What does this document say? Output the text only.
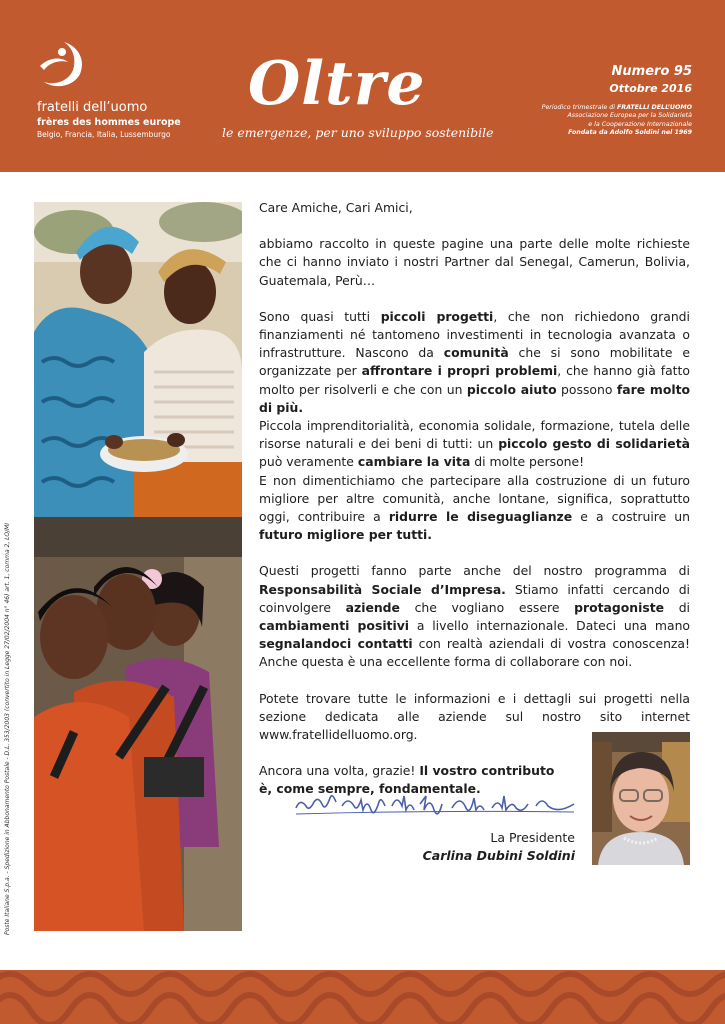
fratelli dell’uomo
frères des hommes europe
Belgio, Francia, Italia, Lussemburgo
Oltre
le emergenze, per uno sviluppo sostenibile
Numero 95
Ottobre 2016
Periodico trimestrale di FRATELLI DELL’UOMO
Associazione Europea per la Solidarietà
e la Cooperazione Internazionale
Fondata da Adolfo Soldini nel 1969
Poste Italiane S.p.a. - Spedizione in Abbonamento Postale - D.L. 353/2003 (convertito in Legge 27/02/2004 n° 46) art. 1, comma 2, LO/MI

Care Amiche, Cari Amici,

abbiamo raccolto in queste pagine una parte delle molte richieste che ci hanno inviato i nostri Partner dal Senegal, Camerun, Bolivia, Guatemala, Perù…

Sono quasi tutti piccoli progetti, che non richiedono grandi finanziamenti né tantomeno investimenti in tecnologia avanzata o infrastrutture. Nascono da comunità che si sono mobilitate e organizzate per affrontare i propri problemi, che hanno già fatto molto per risolverli e che con un piccolo aiuto possono fare molto di più.

Piccola imprenditorialità, economia solidale, formazione, tutela delle risorse naturali e dei beni di tutti: un piccolo gesto di solidarietà può veramente cambiare la vita di molte persone!

E non dimentichiamo che partecipare alla costruzione di un futuro migliore per altre comunità, anche lontane, significa, soprattutto oggi, contribuire a ridurre le diseguaglianze e a costruire un futuro migliore per tutti.

Questi progetti fanno parte anche del nostro programma di Responsabilità Sociale d’Impresa. Stiamo infatti cercando di coinvolgere aziende che vogliano essere protagoniste di cambiamenti positivi a livello internazionale. Dateci una mano segnalandoci contatti con realtà aziendali di vostra conoscenza! Anche questa è una eccellente forma di collaborare con noi.

Potete trovare tutte le informazioni e i dettagli sui progetti nella sezione dedicata alle aziende sul nostro sito internet www.fratellidelluomo.org.

Ancora una volta, grazie! Il vostro contributo è, come sempre, fondamentale.

La Presidente
Carlina Dubini Soldini
